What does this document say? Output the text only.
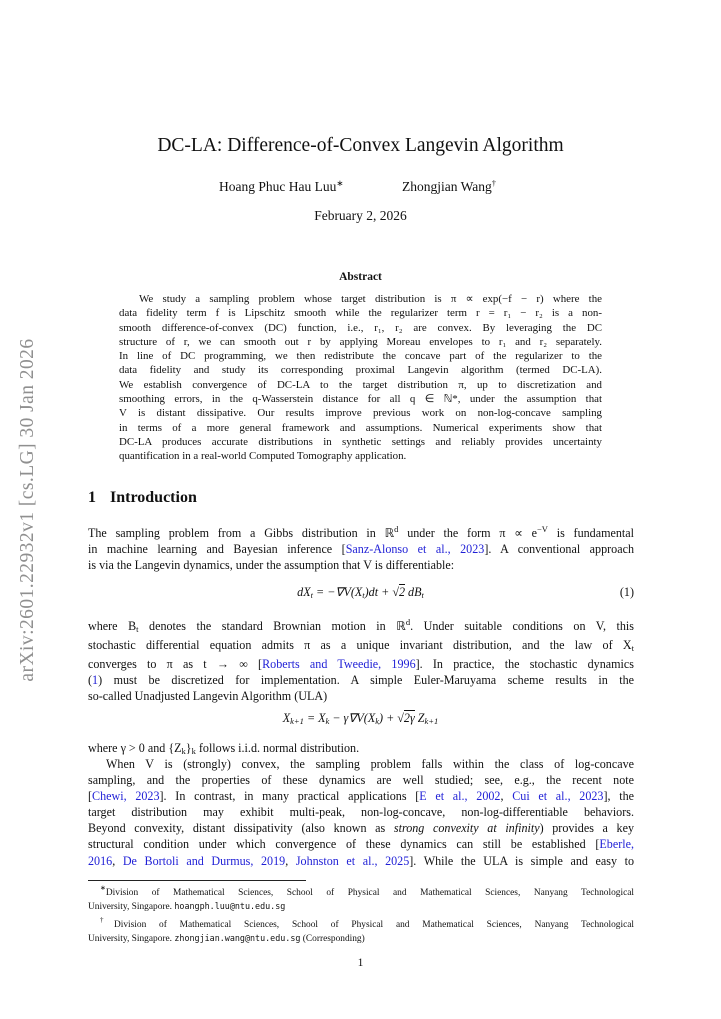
arXiv:2601.22932v1 [cs.LG] 30 Jan 2026
DC-LA: Difference-of-Convex Langevin Algorithm
Hoang Phuc Hau Luu∗	Zhongjian Wang†
February 2, 2026
Abstract
We study a sampling problem whose target distribution is π ∝ exp(−f − r) where the
data fidelity term f is Lipschitz smooth while the regularizer term r = r₁ − r₂ is a non-
smooth difference-of-convex (DC) function, i.e., r₁, r₂ are convex. By leveraging the DC
structure of r, we can smooth out r by applying Moreau envelopes to r₁ and r₂ separately.
In line of DC programming, we then redistribute the concave part of the regularizer to the
data fidelity and study its corresponding proximal Langevin algorithm (termed DC-LA).
We establish convergence of DC-LA to the target distribution π, up to discretization and
smoothing errors, in the q-Wasserstein distance for all q ∈ ℕ*, under the assumption that
V is distant dissipative. Our results improve previous work on non-log-concave sampling
in terms of a more general framework and assumptions. Numerical experiments show that
DC-LA produces accurate distributions in synthetic settings and reliably provides uncertainty
quantification in a real-world Computed Tomography application.
1 Introduction
The sampling problem from a Gibbs distribution in ℝ$^d$ under the form $\pi \propto e^{-V}$ is fundamental
in machine learning and Bayesian inference [Sanz-Alonso et al., 2023]. A conventional approach
is via the Langevin dynamics, under the assumption that V is differentiable:
$dX_t = -\nabla V(X_t)dt + √2$ $dB_t$	(1)
where $B_t$ denotes the standard Brownian motion in ℝ$^d$. Under suitable conditions on V, this
stochastic differential equation admits π as a unique invariant distribution, and the law of $X_t$
converges to π as t → ∞ [Roberts and Tweedie, 1996]. In practice, the stochastic dynamics
(1) must be discretized for implementation. A simple Euler-Maruyama scheme results in the
so-called Unadjusted Langevin Algorithm (ULA)
$X_{k+1} = X_k - \gamma\nabla V(X_k) + √2\gamma$ $Z_{k+1}$
where γ > 0 and $\{Z_k\}_k$ follows i.i.d. normal distribution.
When V is (strongly) convex, the sampling problem falls within the class of log-concave
sampling, and the properties of these dynamics are well studied; see, e.g., the recent note
[Chewi, 2023]. In contrast, in many practical applications [E et al., 2002, Cui et al., 2023], the
target distribution may exhibit multi-peak, non-log-concave, non-log-differentiable behaviors.
Beyond convexity, distant dissipativity (also known as strong convexity at infinity) provides a key
structural condition under which convergence of these dynamics can still be established [Eberle,
2016, De Bortoli and Durmus, 2019, Johnston et al., 2025]. While the ULA is simple and easy to
∗Division of Mathematical Sciences, School of Physical and Mathematical Sciences, Nanyang Technological
University, Singapore. hoangph.luu@ntu.edu.sg
†Division of Mathematical Sciences, School of Physical and Mathematical Sciences, Nanyang Technological
University, Singapore. zhongjian.wang@ntu.edu.sg (Corresponding)
1
